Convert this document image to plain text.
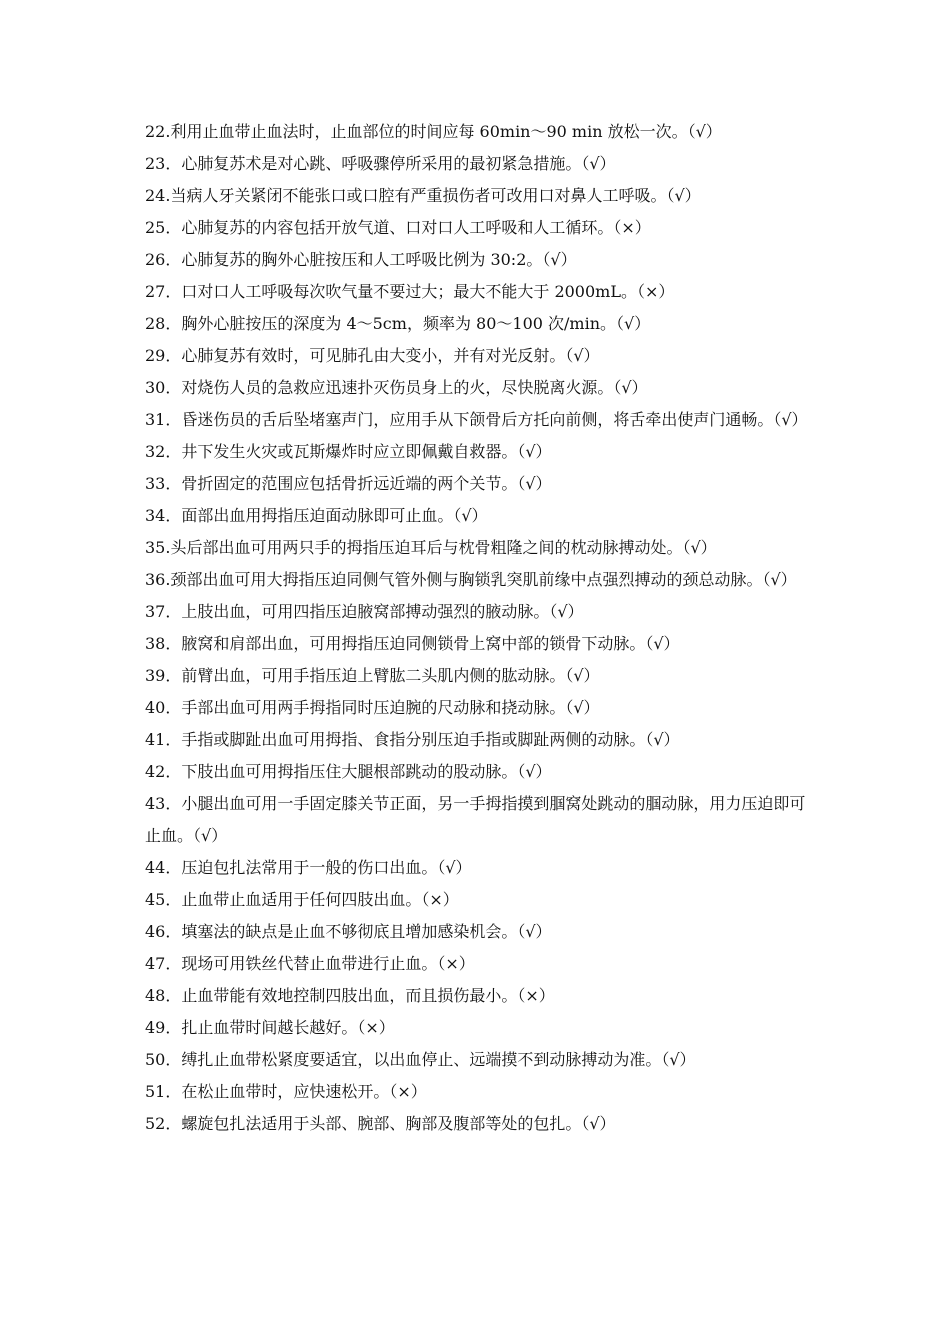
22.利用止血带止血法时，止血部位的时间应每 60min～90 min 放松一次。（√）

23．心肺复苏术是对心跳、呼吸骤停所采用的最初紧急措施。（√）

24.当病人牙关紧闭不能张口或口腔有严重损伤者可改用口对鼻人工呼吸。（√）

25．心肺复苏的内容包括开放气道、口对口人工呼吸和人工循环。（×）

26．心肺复苏的胸外心脏按压和人工呼吸比例为 30:2。（√）

27．口对口人工呼吸每次吹气量不要过大；最大不能大于 2000mL。（×）

28．胸外心脏按压的深度为 4～5cm，频率为 80～100 次/min。（√）

29．心肺复苏有效时，可见肺孔由大变小，并有对光反射。（√）

30．对烧伤人员的急救应迅速扑灭伤员身上的火，尽快脱离火源。（√）

31．昏迷伤员的舌后坠堵塞声门，应用手从下颌骨后方托向前侧，将舌牵出使声门通畅。（√）

32．井下发生火灾或瓦斯爆炸时应立即佩戴自救器。（√）

33．骨折固定的范围应包括骨折远近端的两个关节。（√）

34．面部出血用拇指压迫面动脉即可止血。（√）

35.头后部出血可用两只手的拇指压迫耳后与枕骨粗隆之间的枕动脉搏动处。（√）

36.颈部出血可用大拇指压迫同侧气管外侧与胸锁乳突肌前缘中点强烈搏动的颈总动脉。（√）

37．上肢出血，可用四指压迫腋窝部搏动强烈的腋动脉。（√）

38．腋窝和肩部出血，可用拇指压迫同侧锁骨上窝中部的锁骨下动脉。（√）

39．前臂出血，可用手指压迫上臂肱二头肌内侧的肱动脉。（√）

40．手部出血可用两手拇指同时压迫腕的尺动脉和挠动脉。（√）

41．手指或脚趾出血可用拇指、食指分别压迫手指或脚趾两侧的动脉。（√）

42．下肢出血可用拇指压住大腿根部跳动的股动脉。（√）

43．小腿出血可用一手固定膝关节正面，另一手拇指摸到腘窝处跳动的腘动脉，用力压迫即可止血。（√）

44．压迫包扎法常用于一般的伤口出血。（√）

45．止血带止血适用于任何四肢出血。（×）

46．填塞法的缺点是止血不够彻底且增加感染机会。（√）

47．现场可用铁丝代替止血带进行止血。（×）

48．止血带能有效地控制四肢出血，而且损伤最小。（×）

49．扎止血带时间越长越好。（×）

50．缚扎止血带松紧度要适宜，以出血停止、远端摸不到动脉搏动为准。（√）

51．在松止血带时，应快速松开。（×）

52．螺旋包扎法适用于头部、腕部、胸部及腹部等处的包扎。（√）
